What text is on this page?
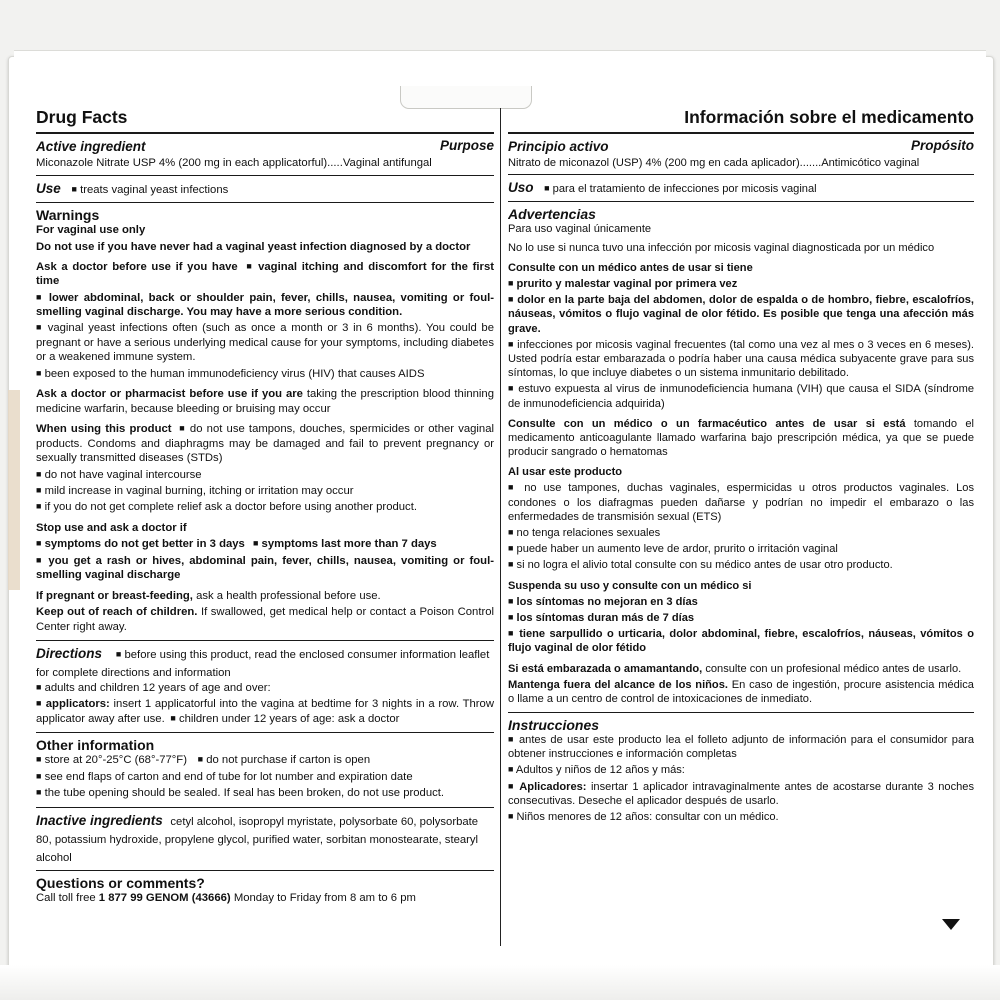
Drug Facts
Purpose
Active ingredient
Miconazole Nitrate USP 4% (200 mg in each applicatorful).....Vaginal antifungal
Use ■ treats vaginal yeast infections
Warnings
For vaginal use only
Do not use if you have never had a vaginal yeast infection diagnosed by a doctor

Ask a doctor before use if you have  ■ vaginal itching and discomfort for the first time

■ lower abdominal, back or shoulder pain, fever, chills, nausea, vomiting or foul-smelling vaginal discharge. You may have a more serious condition.

■ vaginal yeast infections often (such as once a month or 3 in 6 months). You could be pregnant or have a serious underlying medical cause for your symptoms, including diabetes or a weakened immune system.

■ been exposed to the human immunodeficiency virus (HIV) that causes AIDS

Ask a doctor or pharmacist before use if you are taking the prescription blood thinning medicine warfarin, because bleeding or bruising may occur

When using this product  ■ do not use tampons, douches, spermicides or other vaginal products. Condoms and diaphragms may be damaged and fail to prevent pregnancy or sexually transmitted diseases (STDs)

■ do not have vaginal intercourse

■ mild increase in vaginal burning, itching or irritation may occur

■ if you do not get complete relief ask a doctor before using another product.

Stop use and ask a doctor if

■ symptoms do not get better in 3 days   ■ symptoms last more than 7 days

■ you get a rash or hives, abdominal pain, fever, chills, nausea, vomiting or foul-smelling vaginal discharge

If pregnant or breast-feeding, ask a health professional before use.

Keep out of reach of children. If swallowed, get medical help or contact a Poison Control Center right away.

Directions ■ before using this product, read the enclosed consumer information leaflet for complete directions and information

■ adults and children 12 years of age and over:

■ applicators: insert 1 applicatorful into the vagina at bedtime for 3 nights in a row. Throw applicator away after use.  ■ children under 12 years of age: ask a doctor

Other information

■ store at 20°-25°C (68°-77°F)    ■ do not purchase if carton is open

■ see end flaps of carton and end of tube for lot number and expiration date

■ the tube opening should be sealed. If seal has been broken, do not use product.

Inactive ingredients cetyl alcohol, isopropyl myristate, polysorbate 60, polysorbate 80, potassium hydroxide, propylene glycol, purified water, sorbitan monostearate, stearyl alcohol
Questions or comments?

Call toll free 1 877 99 GENOM (43666) Monday to Friday from 8 am to 6 pm

Información sobre el medicamento
Propósito
Principio activo
Nitrato de miconazol (USP) 4% (200 mg en cada aplicador).......Antimicótico vaginal
Uso ■ para el tratamiento de infecciones por micosis vaginal
Advertencias
Para uso vaginal únicamente
No lo use si nunca tuvo una infección por micosis vaginal diagnosticada por un médico

Consulte con un médico antes de usar si tiene

■ prurito y malestar vaginal por primera vez

■ dolor en la parte baja del abdomen, dolor de espalda o de hombro, fiebre, escalofríos, náuseas, vómitos o flujo vaginal de olor fétido. Es posible que tenga una afección más grave.

■ infecciones por micosis vaginal frecuentes (tal como una vez al mes o 3 veces en 6 meses). Usted podría estar embarazada o podría haber una causa médica subyacente grave para sus síntomas, lo que incluye diabetes o un sistema inmunitario debilitado.

■ estuvo expuesta al virus de inmunodeficiencia humana (VIH) que causa el SIDA (síndrome de inmunodeficiencia adquirida)

Consulte con un médico o un farmacéutico antes de usar si está tomando el medicamento anticoagulante llamado warfarina bajo prescripción médica, ya que se puede producir sangrado o hematomas

Al usar este producto

■ no use tampones, duchas vaginales, espermicidas u otros productos vaginales. Los condones o los diafragmas pueden dañarse y podrían no impedir el embarazo o las enfermedades de transmisión sexual (ETS)

■ no tenga relaciones sexuales

■ puede haber un aumento leve de ardor, prurito o irritación vaginal

■ si no logra el alivio total consulte con su médico antes de usar otro producto.

Suspenda su uso y consulte con un médico si

■ los síntomas no mejoran en 3 días

■ los síntomas duran más de 7 días

■ tiene sarpullido o urticaria, dolor abdominal, fiebre, escalofríos, náuseas, vómitos o flujo vaginal de olor fétido

Si está embarazada o amamantando, consulte con un profesional médico antes de usarlo.

Mantenga fuera del alcance de los niños. En caso de ingestión, procure asistencia médica o llame a un centro de control de intoxicaciones de inmediato.

Instrucciones

■ antes de usar este producto lea el folleto adjunto de información para el consumidor para obtener instrucciones e información completas

■ Adultos y niños de 12 años y más:

■ Aplicadores: insertar 1 aplicador intravaginalmente antes de acostarse durante 3 noches consecutivas. Deseche el aplicador después de usarlo.

■ Niños menores de 12 años: consultar con un médico.
